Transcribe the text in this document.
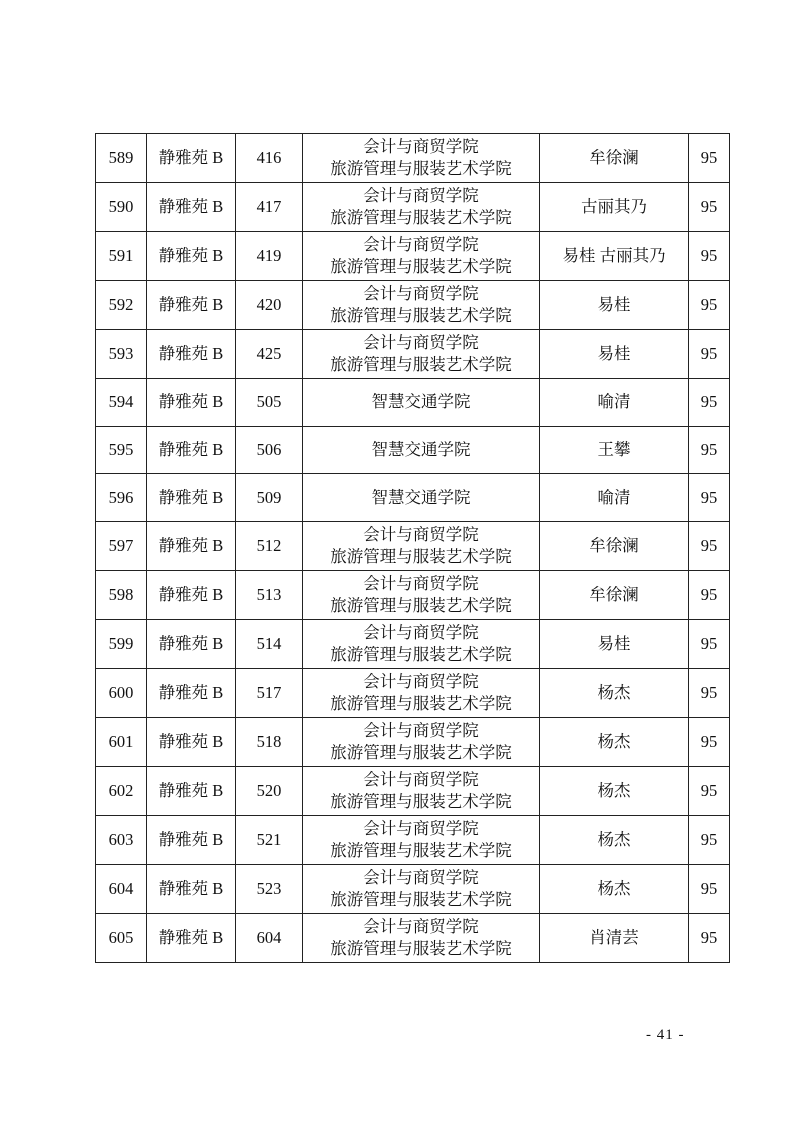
589	静雅苑 B	416	会计与商贸学院
旅游管理与服装艺术学院	牟徐澜	95
590	静雅苑 B	417	会计与商贸学院
旅游管理与服装艺术学院	古丽其乃	95
591	静雅苑 B	419	会计与商贸学院
旅游管理与服装艺术学院	易桂 古丽其乃	95
592	静雅苑 B	420	会计与商贸学院
旅游管理与服装艺术学院	易桂	95
593	静雅苑 B	425	会计与商贸学院
旅游管理与服装艺术学院	易桂	95
594	静雅苑 B	505	智慧交通学院	喻清	95
595	静雅苑 B	506	智慧交通学院	王攀	95
596	静雅苑 B	509	智慧交通学院	喻清	95
597	静雅苑 B	512	会计与商贸学院
旅游管理与服装艺术学院	牟徐澜	95
598	静雅苑 B	513	会计与商贸学院
旅游管理与服装艺术学院	牟徐澜	95
599	静雅苑 B	514	会计与商贸学院
旅游管理与服装艺术学院	易桂	95
600	静雅苑 B	517	会计与商贸学院
旅游管理与服装艺术学院	杨杰	95
601	静雅苑 B	518	会计与商贸学院
旅游管理与服装艺术学院	杨杰	95
602	静雅苑 B	520	会计与商贸学院
旅游管理与服装艺术学院	杨杰	95
603	静雅苑 B	521	会计与商贸学院
旅游管理与服装艺术学院	杨杰	95
604	静雅苑 B	523	会计与商贸学院
旅游管理与服装艺术学院	杨杰	95
605	静雅苑 B	604	会计与商贸学院
旅游管理与服装艺术学院	肖清芸	95
- 41 -
